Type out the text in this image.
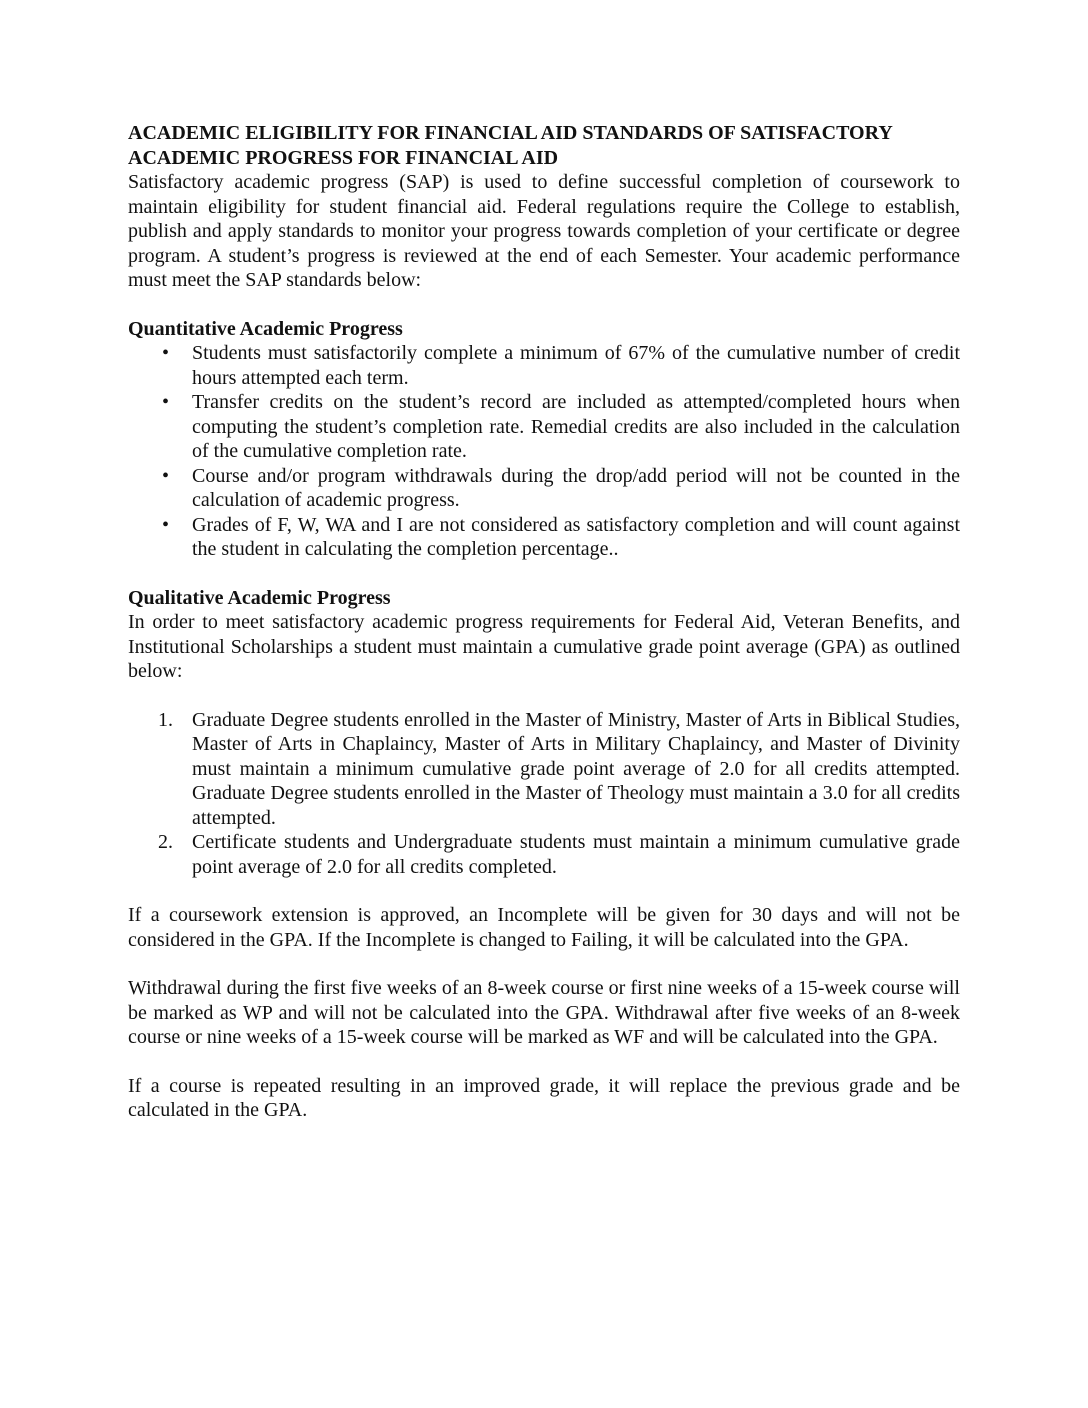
ACADEMIC ELIGIBILITY FOR FINANCIAL AID STANDARDS OF SATISFACTORY ACADEMIC PROGRESS FOR FINANCIAL AID

Satisfactory academic progress (SAP) is used to define successful completion of coursework to maintain eligibility for student financial aid. Federal regulations require the College to establish, publish and apply standards to monitor your progress towards completion of your certificate or degree program. A student’s progress is reviewed at the end of each Semester. Your academic performance must meet the SAP standards below:

Quantitative Academic Progress
• Students must satisfactorily complete a minimum of 67% of the cumulative number of credit hours attempted each term.
• Transfer credits on the student’s record are included as attempted/completed hours when computing the student’s completion rate. Remedial credits are also included in the calculation of the cumulative completion rate.
• Course and/or program withdrawals during the drop/add period will not be counted in the calculation of academic progress.
• Grades of F, W, WA and I are not considered as satisfactory completion and will count against the student in calculating the completion percentage..
Qualitative Academic Progress

In order to meet satisfactory academic progress requirements for Federal Aid, Veteran Benefits, and Institutional Scholarships a student must maintain a cumulative grade point average (GPA) as outlined below:

1. Graduate Degree students enrolled in the Master of Ministry, Master of Arts in Biblical Studies, Master of Arts in Chaplaincy, Master of Arts in Military Chaplaincy, and Master of Divinity must maintain a minimum cumulative grade point average of 2.0 for all credits attempted. Graduate Degree students enrolled in the Master of Theology must maintain a 3.0 for all credits attempted.
2. Certificate students and Undergraduate students must maintain a minimum cumulative grade point average of 2.0 for all credits completed.

If a coursework extension is approved, an Incomplete will be given for 30 days and will not be considered in the GPA. If the Incomplete is changed to Failing, it will be calculated into the GPA.

Withdrawal during the first five weeks of an 8-week course or first nine weeks of a 15-week course will be marked as WP and will not be calculated into the GPA. Withdrawal after five weeks of an 8-week course or nine weeks of a 15-week course will be marked as WF and will be calculated into the GPA.

If a course is repeated resulting in an improved grade, it will replace the previous grade and be calculated in the GPA.
